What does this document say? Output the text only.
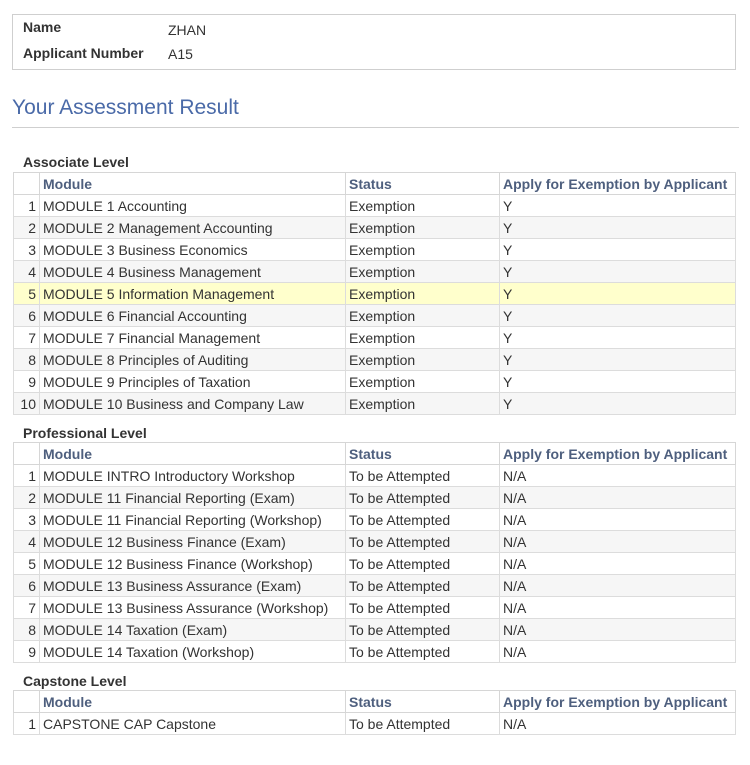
Name	ZHAN
Applicant Number A15
Your Assessment Result
Associate Level
	Module	Status	Apply for Exemption by Applicant
1	MODULE 1 Accounting	Exemption	Y
2	MODULE 2 Management Accounting	Exemption	Y
3	MODULE 3 Business Economics	Exemption	Y
4	MODULE 4 Business Management	Exemption	Y
5	MODULE 5 Information Management	Exemption	Y
6	MODULE 6 Financial Accounting	Exemption	Y
7	MODULE 7 Financial Management	Exemption	Y
8	MODULE 8 Principles of Auditing	Exemption	Y
9	MODULE 9 Principles of Taxation	Exemption	Y
10	MODULE 10 Business and Company Law	Exemption	Y
Professional Level
	Module	Status	Apply for Exemption by Applicant
1	MODULE INTRO Introductory Workshop	To be Attempted	N/A
2	MODULE 11 Financial Reporting (Exam)	To be Attempted	N/A
3	MODULE 11 Financial Reporting (Workshop)	To be Attempted	N/A
4	MODULE 12 Business Finance (Exam)	To be Attempted	N/A
5	MODULE 12 Business Finance (Workshop)	To be Attempted	N/A
6	MODULE 13 Business Assurance (Exam)	To be Attempted	N/A
7	MODULE 13 Business Assurance (Workshop)	To be Attempted	N/A
8	MODULE 14 Taxation (Exam)	To be Attempted	N/A
9	MODULE 14 Taxation (Workshop)	To be Attempted	N/A
Capstone Level
	Module	Status	Apply for Exemption by Applicant
1	CAPSTONE CAP Capstone	To be Attempted	N/A
